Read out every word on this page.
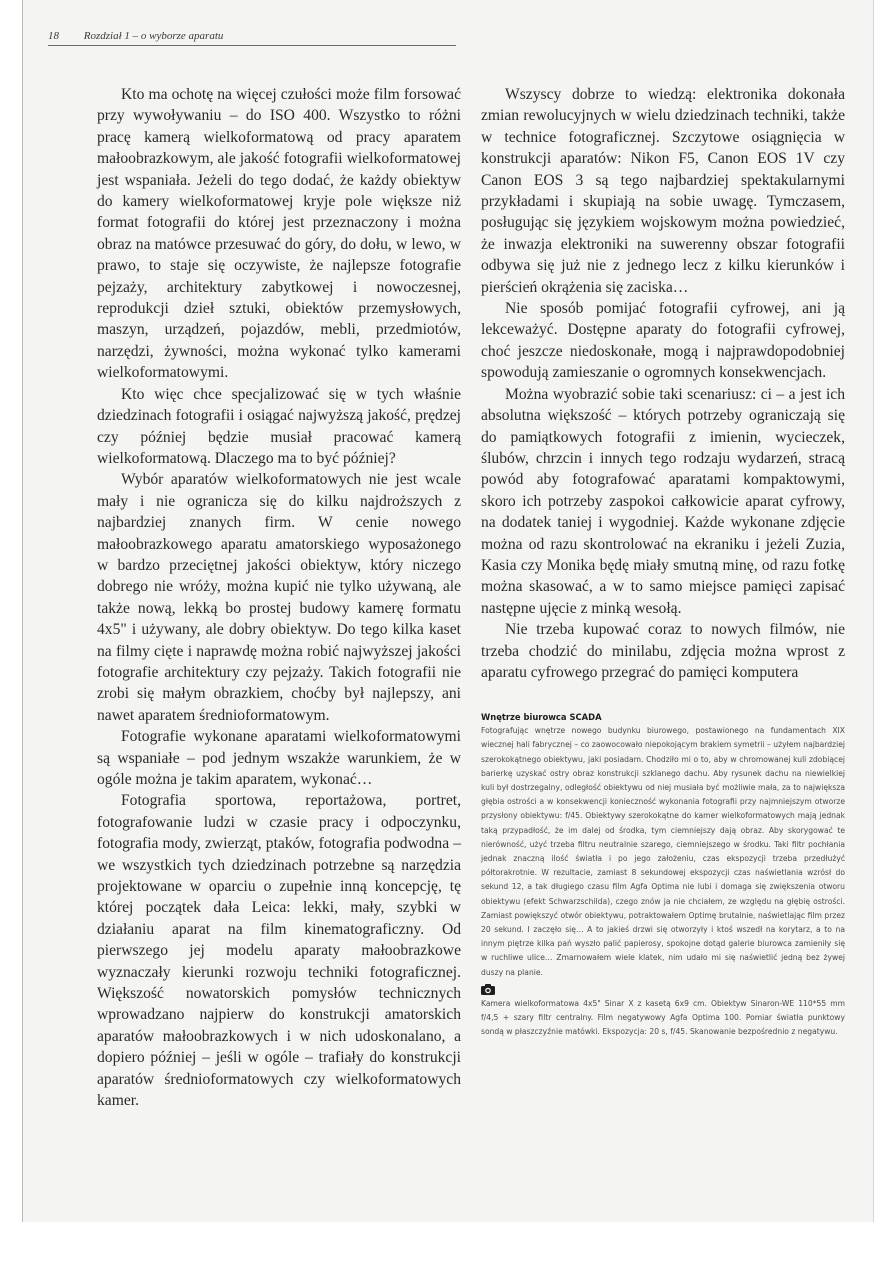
18 Rozdział 1 – o wyborze aparatu

Kto ma ochotę na więcej czułości może film forsować przy wywoływaniu – do ISO 400. Wszystko to różni pracę kamerą wielkoformatową od pracy aparatem małoobrazkowym, ale jakość fotografii wielkoformatowej jest wspaniała. Jeżeli do tego dodać, że każdy obiektyw do kamery wielkoformatowej kryje pole większe niż format fotografii do której jest przeznaczony i można obraz na matówce przesuwać do góry, do dołu, w lewo, w prawo, to staje się oczywiste, że najlepsze fotografie pejzaży, architektury zabytkowej i nowoczesnej, reprodukcji dzieł sztuki, obiektów przemysłowych, maszyn, urządzeń, pojazdów, mebli, przedmiotów, narzędzi, żywności, można wykonać tylko kamerami wielkoformatowymi.

Kto więc chce specjalizować się w tych właśnie dziedzinach fotografii i osiągać najwyższą jakość, prędzej czy później będzie musiał pracować kamerą wielkoformatową. Dlaczego ma to być później?

Wybór aparatów wielkoformatowych nie jest wcale mały i nie ogranicza się do kilku najdroższych z najbardziej znanych firm. W cenie nowego małoobrazkowego aparatu amatorskiego wyposażonego w bardzo przeciętnej jakości obiektyw, który niczego dobrego nie wróży, można kupić nie tylko używaną, ale także nową, lekką bo prostej budowy kamerę formatu 4x5" i używany, ale dobry obiektyw. Do tego kilka kaset na filmy cięte i naprawdę można robić najwyższej jakości fotografie architektury czy pejzaży. Takich fotografii nie zrobi się małym obrazkiem, choćby był najlepszy, ani nawet aparatem średnioformatowym.

Fotografie wykonane aparatami wielkoformatowymi są wspaniałe – pod jednym wszakże warunkiem, że w ogóle można je takim aparatem, wykonać…

Fotografia sportowa, reportażowa, portret, fotografowanie ludzi w czasie pracy i odpoczynku, fotografia mody, zwierząt, ptaków, fotografia podwodna – we wszystkich tych dziedzinach potrzebne są narzędzia projektowane w oparciu o zupełnie inną koncepcję, tę której początek dała Leica: lekki, mały, szybki w działaniu aparat na film kinematograficzny. Od pierwszego jej modelu aparaty małoobrazkowe wyznaczały kierunki rozwoju techniki fotograficznej. Większość nowatorskich pomysłów technicznych wprowadzano najpierw do konstrukcji amatorskich aparatów małoobrazkowych i w nich udoskonalano, a dopiero później – jeśli w ogóle – trafiały do konstrukcji aparatów średnioformatowych czy wielkoformatowych kamer.

Wszyscy dobrze to wiedzą: elektronika dokonała zmian rewolucyjnych w wielu dziedzinach techniki, także w technice fotograficznej. Szczytowe osiągnięcia w konstrukcji aparatów: Nikon F5, Canon EOS 1V czy Canon EOS 3 są tego najbardziej spektakularnymi przykładami i skupiają na sobie uwagę. Tymczasem, posługując się językiem wojskowym można powiedzieć, że inwazja elektroniki na suwerenny obszar fotografii odbywa się już nie z jednego lecz z kilku kierunków i pierścień okrążenia się zaciska…

Nie sposób pomijać fotografii cyfrowej, ani ją lekceważyć. Dostępne aparaty do fotografii cyfrowej, choć jeszcze niedoskonałe, mogą i najprawdopodobniej spowodują zamieszanie o ogromnych konsekwencjach.

Można wyobrazić sobie taki scenariusz: ci – a jest ich absolutna większość – których potrzeby ograniczają się do pamiątkowych fotografii z imienin, wycieczek, ślubów, chrzcin i innych tego rodzaju wydarzeń, stracą powód aby fotografować aparatami kompaktowymi, skoro ich potrzeby zaspokoi całkowicie aparat cyfrowy, na dodatek taniej i wygodniej. Każde wykonane zdjęcie można od razu skontrolować na ekraniku i jeżeli Zuzia, Kasia czy Monika będę miały smutną minę, od razu fotkę można skasować, a w to samo miejsce pamięci zapisać następne ujęcie z minką wesołą.

Nie trzeba kupować coraz to nowych filmów, nie trzeba chodzić do minilabu, zdjęcia można wprost z aparatu cyfrowego przegrać do pamięci komputera

Wnętrze biurowca SCADA

Fotografując wnętrze nowego budynku biurowego, postawionego na fundamentach XIX wiecznej hali fabrycznej – co zaowocowało niepokojącym brakiem symetrii – użyłem najbardziej szerokokątnego obiektywu, jaki posiadam. Chodziło mi o to, aby w chromowanej kuli zdobiącej barierkę uzyskać ostry obraz konstrukcji szklanego dachu. Aby rysunek dachu na niewielkiej kuli był dostrzegalny, odległość obiektywu od niej musiała być możliwie mała, za to największa głębia ostrości a w konsekwencji konieczność wykonania fotografii przy najmniejszym otworze przysłony obiektywu: f/45. Obiektywy szerokokątne do kamer wielkoformatowych mają jednak taką przypadłość, że im dalej od środka, tym ciemniejszy dają obraz. Aby skorygować te nierówność, użyć trzeba filtru neutralnie szarego, ciemniejszego w środku. Taki filtr pochłania jednak znaczną ilość światła i po jego założeniu, czas ekspozycji trzeba przedłużyć półtorakrotnie. W rezultacie, zamiast 8 sekundowej ekspozycji czas naświetlania wzrósł do sekund 12, a tak długiego czasu film Agfa Optima nie lubi i domaga się zwiększenia otworu obiektywu (efekt Schwarzschilda), czego znów ja nie chciałem, ze względu na głębię ostrości. Zamiast powiększyć otwór obiektywu, potraktowałem Optimę brutalnie, naświetlając film przez 20 sekund. I zaczęło się… A to jakieś drzwi się otworzyły i ktoś wszedł na korytarz, a to na innym piętrze kilka pań wyszło palić papierosy, spokojne dotąd galerie biurowca zamieniły się w ruchliwe ulice… Zmarnowałem wiele klatek, nim udało mi się naświetlić jedną bez żywej duszy na planie.

Kamera wielkoformatowa 4x5" Sinar X z kasetą 6x9 cm. Obiektyw Sinaron-WE 110*55 mm f/4,5 + szary filtr centralny. Film negatywowy Agfa Optima 100. Pomiar światła punktowy sondą w płaszczyźnie matówki. Ekspozycja: 20 s, f/45. Skanowanie bezpośrednio z negatywu.
